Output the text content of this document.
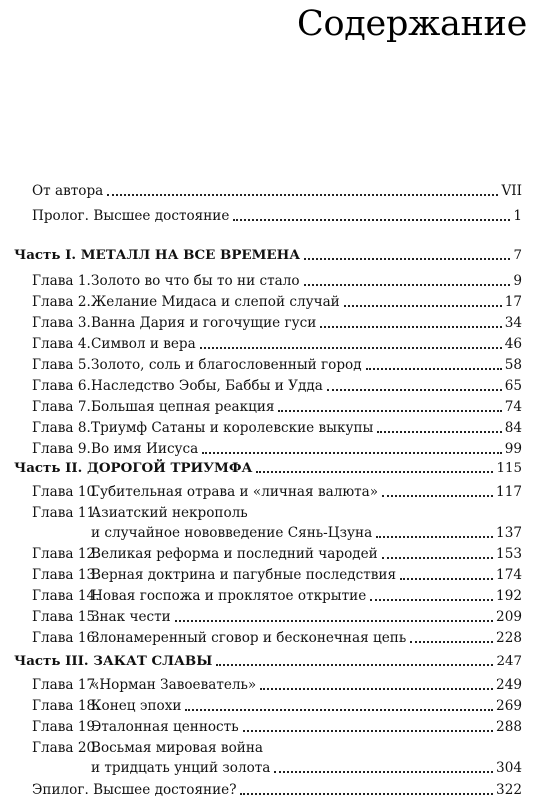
Содержание
От автора	VII
Пролог. Высшее достояние	1
Часть I. МЕТАЛЛ НА ВСЕ ВРЕМЕНА	7
Глава 1.Золото во что бы то ни стало	9
Глава 2.Желание Мидаса и слепой случай	17
Глава 3.Ванна Дария и гогочущие гуси	34
Глава 4.Символ и вера	46
Глава 5.Золото, соль и благословенный город	58
Глава 6.Наследство Эобы, Баббы и Удда	65
Глава 7.Большая цепная реакция	74
Глава 8.Триумф Сатаны и королевские выкупы	84
Глава 9.Во имя Иисуса	99
Часть II. ДОРОГОЙ ТРИУМФА	115
Глава 10.Губительная отрава и «личная валюта»	117
Глава 11.Азиатский некрополь
и случайное нововведение Сянь-Цзуна	137
Глава 12.Великая реформа и последний чародей	153
Глава 13.Верная доктрина и пагубные последствия	174
Глава 14.Новая госпожа и проклятое открытие	192
Глава 15.Знак чести	209
Глава 16.Злонамеренный сговор и бесконечная цепь	228
Часть III. ЗАКАТ СЛАВЫ	247
Глава 17.«Норман Завоеватель»	249
Глава 18.Конец эпохи	269
Глава 19.Эталонная ценность	288
Глава 20.Восьмая мировая война
и тридцать унций золота	304
Эпилог. Высшее достояние?	322
